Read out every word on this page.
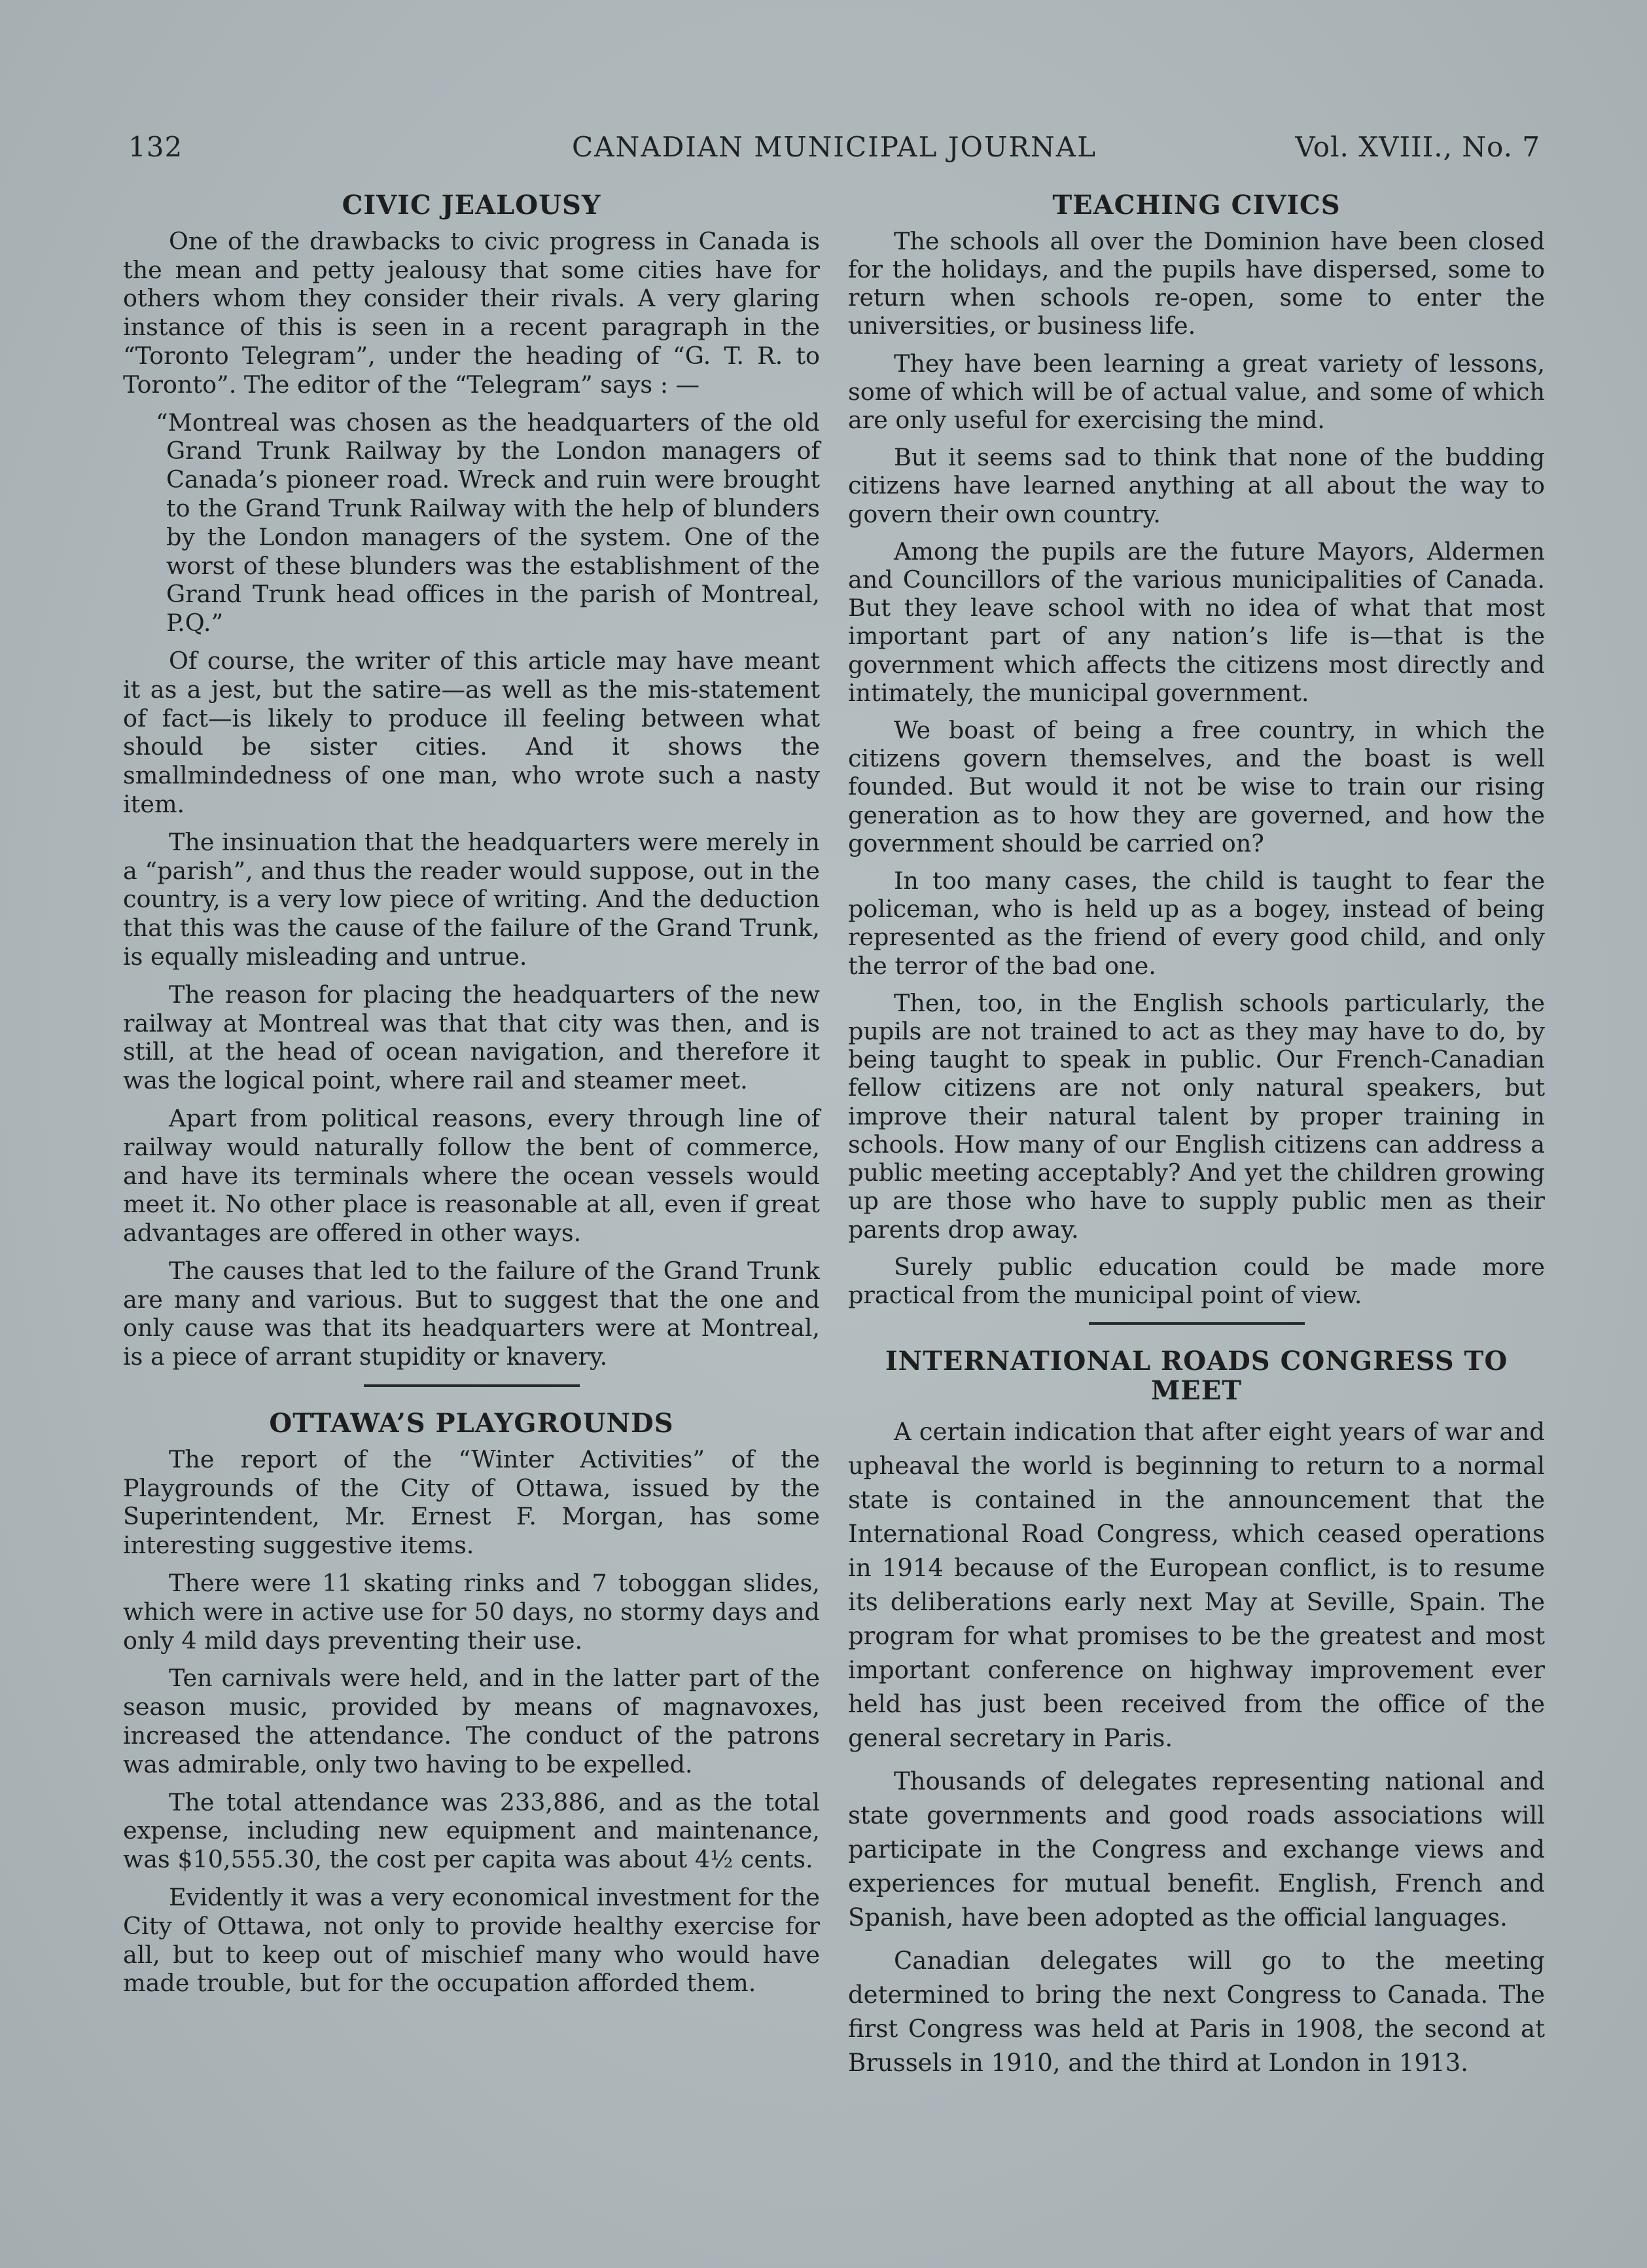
132	CANADIAN MUNICIPAL JOURNAL	Vol. XVIII., No. 7
CIVIC JEALOUSY

One of the drawbacks to civic progress in Canada is the mean and petty jealousy that some cities have for others whom they consider their rivals. A very glaring instance of this is seen in a recent paragraph in the “Toronto Telegram”, under the heading of “G. T. R. to Toronto”. The editor of the “Telegram” says : —

“Montreal was chosen as the headquarters of the old Grand Trunk Railway by the London managers of Canada’s pioneer road. Wreck and ruin were brought to the Grand Trunk Railway with the help of blunders by the London managers of the system. One of the worst of these blunders was the establishment of the Grand Trunk head offices in the parish of Montreal, P.Q.”

Of course, the writer of this article may have meant it as a jest, but the satire—as well as the mis-statement of fact—is likely to produce ill feeling between what should be sister cities. And it shows the smallmindedness of one man, who wrote such a nasty item.

The insinuation that the headquarters were merely in a “parish”, and thus the reader would suppose, out in the country, is a very low piece of writing. And the deduction that this was the cause of the failure of the Grand Trunk, is equally misleading and untrue.

The reason for placing the headquarters of the new railway at Montreal was that that city was then, and is still, at the head of ocean navigation, and therefore it was the logical point, where rail and steamer meet.

Apart from political reasons, every through line of railway would naturally follow the bent of commerce, and have its terminals where the ocean vessels would meet it. No other place is reasonable at all, even if great advantages are offered in other ways.

The causes that led to the failure of the Grand Trunk are many and various. But to suggest that the one and only cause was that its headquarters were at Montreal, is a piece of arrant stupidity or knavery.

OTTAWA’S PLAYGROUNDS

The report of the “Winter Activities” of the Playgrounds of the City of Ottawa, issued by the Superintendent, Mr. Ernest F. Morgan, has some interesting suggestive items.

There were 11 skating rinks and 7 toboggan slides, which were in active use for 50 days, no stormy days and only 4 mild days preventing their use.

Ten carnivals were held, and in the latter part of the season music, provided by means of magnavoxes, increased the attendance. The conduct of the patrons was admirable, only two having to be expelled.

The total attendance was 233,886, and as the total expense, including new equipment and maintenance, was $10,555.30, the cost per capita was about 4½ cents.

Evidently it was a very economical investment for the City of Ottawa, not only to provide healthy exercise for all, but to keep out of mischief many who would have made trouble, but for the occupation afforded them.

TEACHING CIVICS

The schools all over the Dominion have been closed for the holidays, and the pupils have dispersed, some to return when schools re-open, some to enter the universities, or business life.

They have been learning a great variety of lessons, some of which will be of actual value, and some of which are only useful for exercising the mind.

But it seems sad to think that none of the budding citizens have learned anything at all about the way to govern their own country.

Among the pupils are the future Mayors, Aldermen and Councillors of the various municipalities of Canada. But they leave school with no idea of what that most important part of any nation’s life is—that is the government which affects the citizens most directly and intimately, the municipal government.

We boast of being a free country, in which the citizens govern themselves, and the boast is well founded. But would it not be wise to train our rising generation as to how they are governed, and how the government should be carried on?

In too many cases, the child is taught to fear the policeman, who is held up as a bogey, instead of being represented as the friend of every good child, and only the terror of the bad one.

Then, too, in the English schools particularly, the pupils are not trained to act as they may have to do, by being taught to speak in public. Our French-Canadian fellow citizens are not only natural speakers, but improve their natural talent by proper training in schools. How many of our English citizens can address a public meeting acceptably? And yet the children growing up are those who have to supply public men as their parents drop away.

Surely public education could be made more practical from the municipal point of view.

INTERNATIONAL ROADS CONGRESS TO MEET

A certain indication that after eight years of war and upheaval the world is beginning to return to a normal state is contained in the announcement that the International Road Congress, which ceased operations in 1914 because of the European conflict, is to resume its deliberations early next May at Seville, Spain. The program for what promises to be the greatest and most important conference on highway improvement ever held has just been received from the office of the general secretary in Paris.

Thousands of delegates representing national and state governments and good roads associations will participate in the Congress and exchange views and experiences for mutual benefit. English, French and Spanish, have been adopted as the official languages.

Canadian delegates will go to the meeting determined to bring the next Congress to Canada. The first Congress was held at Paris in 1908, the second at Brussels in 1910, and the third at London in 1913.
